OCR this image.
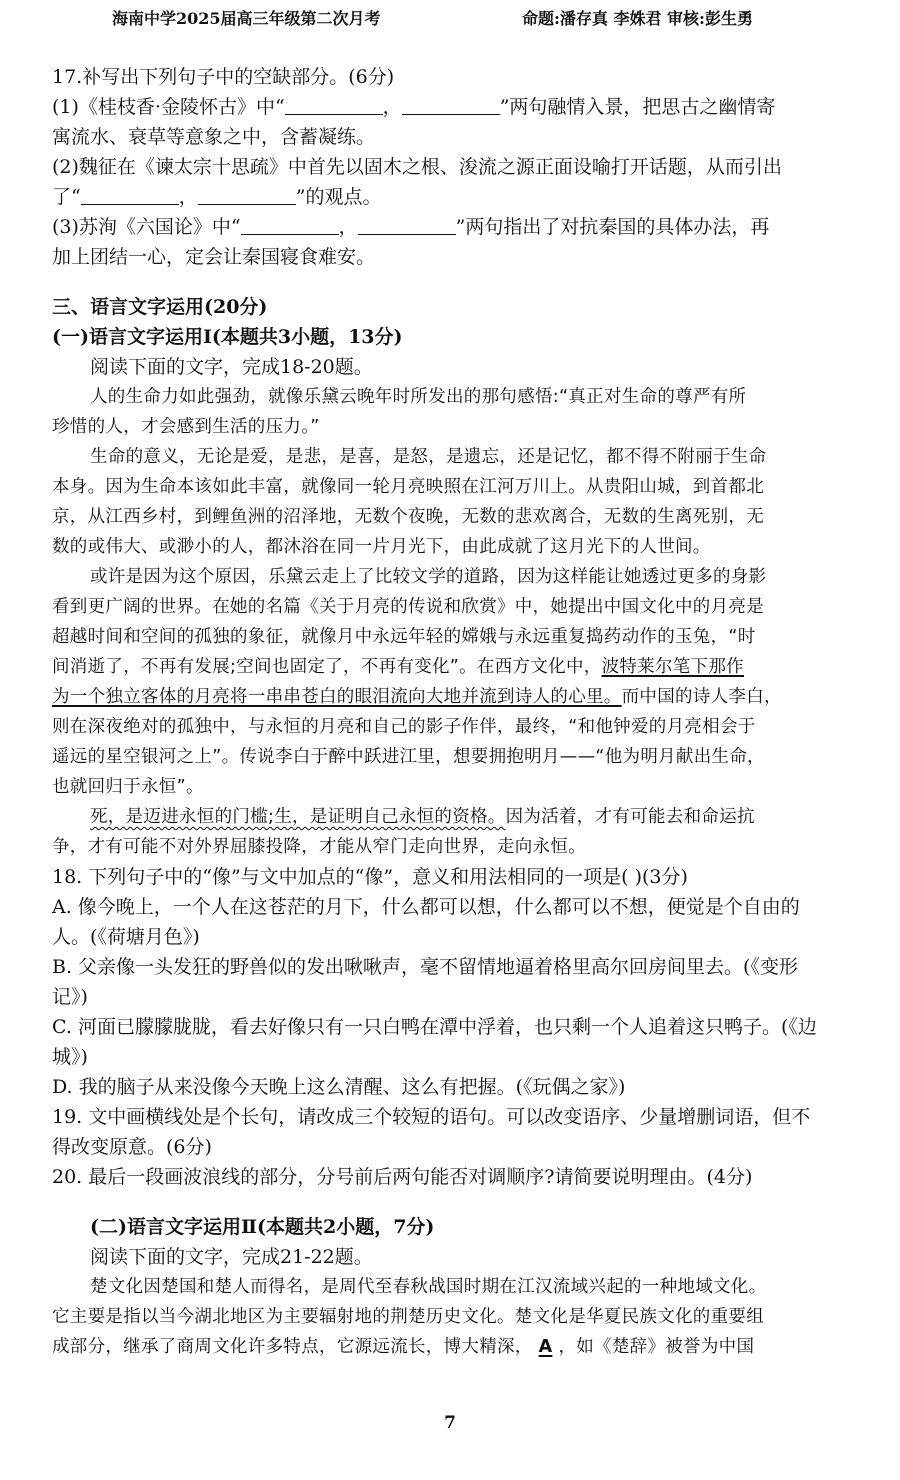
海南中学2025届高三年级第二次月考	命题:潘存真 李姝君 审核:彭生勇
17.补写出下列句子中的空缺部分。(6分)
(1)《桂枝香·金陵怀古》中“	，	”两句融情入景，把思古之幽情寄
寓流水、衰草等意象之中，含蓄凝练。
(2)魏征在《谏太宗十思疏》中首先以固木之根、浚流之源正面设喻打开话题，从而引出
了“	，	”的观点。
(3)苏洵《六国论》中“	，	”两句指出了对抗秦国的具体办法，再
加上团结一心，定会让秦国寝食难安。
三、语言文字运用(20分)
(一)语言文字运用Ⅰ(本题共3小题，13分)
阅读下面的文字，完成18-20题。
人的生命力如此强劲，就像乐黛云晚年时所发出的那句感悟:“真正对生命的尊严有所
珍惜的人，才会感到生活的压力。”
生命的意义，无论是爱，是悲，是喜，是怒，是遗忘，还是记忆，都不得不附丽于生命
本身。因为生命本该如此丰富，就像同一轮月亮映照在江河万川上。从贵阳山城，到首都北
京，从江西乡村，到鲤鱼洲的沼泽地，无数个夜晚，无数的悲欢离合，无数的生离死别，无
数的或伟大、或渺小的人，都沐浴在同一片月光下，由此成就了这月光下的人世间。
或许是因为这个原因，乐黛云走上了比较文学的道路，因为这样能让她透过更多的身影
看到更广阔的世界。在她的名篇《关于月亮的传说和欣赏》中，她提出中国文化中的月亮是
超越时间和空间的孤独的象征，就像月中永远年轻的嫦娥与永远重复捣药动作的玉兔，“时
间消逝了，不再有发展;空间也固定了，不再有变化”。在西方文化中，波特莱尔笔下那作
为一个独立客体的月亮将一串串苍白的眼泪流向大地并流到诗人的心里。而中国的诗人李白，
则在深夜绝对的孤独中，与永恒的月亮和自己的影子作伴，最终，“和他钟爱的月亮相会于
遥远的星空银河之上”。传说李白于醉中跃进江里，想要拥抱明月——“他为明月献出生命，
也就回归于永恒”。
死，是迈进永恒的门槛;生，是证明自己永恒的资格。因为活着，才有可能去和命运抗
争，才有可能不对外界屈膝投降，才能从窄门走向世界，走向永恒。
18. 下列句子中的“像”与文中加点的“像”，意义和用法相同的一项是( )(3分)
A. 像今晚上，一个人在这苍茫的月下，什么都可以想，什么都可以不想，便觉是个自由的
人。(《荷塘月色》)
B. 父亲像一头发狂的野兽似的发出啾啾声，毫不留情地逼着格里高尔回房间里去。(《变形
记》)
C. 河面已朦朦胧胧，看去好像只有一只白鸭在潭中浮着，也只剩一个人追着这只鸭子。(《边
城》)
D. 我的脑子从来没像今天晚上这么清醒、这么有把握。(《玩偶之家》)
19. 文中画横线处是个长句，请改成三个较短的语句。可以改变语序、少量增删词语，但不
得改变原意。(6分)
20. 最后一段画波浪线的部分，分号前后两句能否对调顺序?请简要说明理由。(4分)
(二)语言文字运用Ⅱ(本题共2小题，7分)
阅读下面的文字，完成21-22题。
楚文化因楚国和楚人而得名，是周代至春秋战国时期在江汉流域兴起的一种地域文化。
它主要是指以当今湖北地区为主要辐射地的荆楚历史文化。楚文化是华夏民族文化的重要组
成部分，继承了商周文化许多特点，它源远流长，博大精深， A ，如《楚辞》被誉为中国
7
